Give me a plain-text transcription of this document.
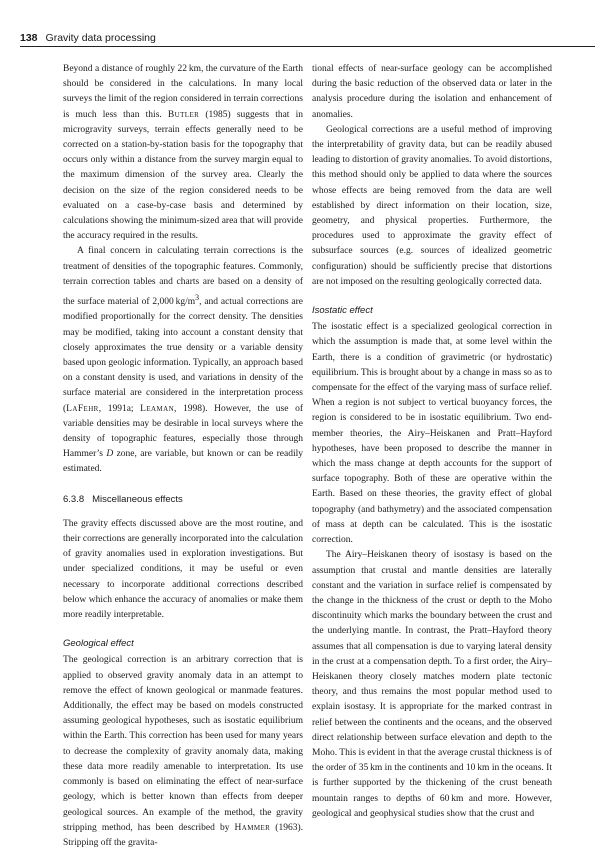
138 Gravity data processing

Beyond a distance of roughly 22 km, the curvature of the Earth should be considered in the calculations. In many local surveys the limit of the region considered in terrain corrections is much less than this. Butler (1985) suggests that in microgravity surveys, terrain effects generally need to be corrected on a station-by-station basis for the topography that occurs only within a distance from the survey margin equal to the maximum dimension of the survey area. Clearly the decision on the size of the region considered needs to be evaluated on a case-by-case basis and determined by calculations showing the minimum-sized area that will provide the accuracy required in the results.

A final concern in calculating terrain corrections is the treatment of densities of the topographic features. Commonly, terrain correction tables and charts are based on a density of the surface material of 2,000 $kg/m^3$, and actual corrections are modified proportionally for the correct density. The densities may be modified, taking into account a constant density that closely approximates the true density or a variable density based upon geologic information. Typically, an approach based on a constant density is used, and variations in density of the surface material are considered in the interpretation process (LaFehr, 1991a; Leaman, 1998). However, the use of variable densities may be desirable in local surveys where the density of topographic features, especially those through Hammer’s D zone, are variable, but known or can be readily estimated.

6.3.8 Miscellaneous effects

The gravity effects discussed above are the most routine, and their corrections are generally incorporated into the calculation of gravity anomalies used in exploration investigations. But under specialized conditions, it may be useful or even necessary to incorporate additional corrections described below which enhance the accuracy of anomalies or make them more readily interpretable.

Geological effect

The geological correction is an arbitrary correction that is applied to observed gravity anomaly data in an attempt to remove the effect of known geological or manmade features. Additionally, the effect may be based on models constructed assuming geological hypotheses, such as isostatic equilibrium within the Earth. This correction has been used for many years to decrease the complexity of gravity anomaly data, making these data more readily amenable to interpretation. Its use commonly is based on eliminating the effect of near-surface geology, which is better known than effects from deeper geological sources. An example of the method, the gravity stripping method, has been described by Hammer (1963). Stripping off the gravita-

tional effects of near-surface geology can be accomplished during the basic reduction of the observed data or later in the analysis procedure during the isolation and enhancement of anomalies.

Geological corrections are a useful method of improving the interpretability of gravity data, but can be readily abused leading to distortion of gravity anomalies. To avoid distortions, this method should only be applied to data where the sources whose effects are being removed from the data are well established by direct information on their location, size, geometry, and physical properties. Furthermore, the procedures used to approximate the gravity effect of subsurface sources (e.g. sources of idealized geometric configuration) should be sufficiently precise that distortions are not imposed on the resulting geologically corrected data.

Isostatic effect

The isostatic effect is a specialized geological correction in which the assumption is made that, at some level within the Earth, there is a condition of gravimetric (or hydrostatic) equilibrium. This is brought about by a change in mass so as to compensate for the effect of the varying mass of surface relief. When a region is not subject to vertical buoyancy forces, the region is considered to be in isostatic equilibrium. Two end-member theories, the Airy–Heiskanen and Pratt–Hayford hypotheses, have been proposed to describe the manner in which the mass change at depth accounts for the support of surface topography. Both of these are operative within the Earth. Based on these theories, the gravity effect of global topography (and bathymetry) and the associated compensation of mass at depth can be calculated. This is the isostatic correction.

The Airy–Heiskanen theory of isostasy is based on the assumption that crustal and mantle densities are laterally constant and the variation in surface relief is compensated by the change in the thickness of the crust or depth to the Moho discontinuity which marks the boundary between the crust and the underlying mantle. In contrast, the Pratt–Hayford theory assumes that all compensation is due to varying lateral density in the crust at a compensation depth. To a first order, the Airy–Heiskanen theory closely matches modern plate tectonic theory, and thus remains the most popular method used to explain isostasy. It is appropriate for the marked contrast in relief between the continents and the oceans, and the observed direct relationship between surface elevation and depth to the Moho. This is evident in that the average crustal thickness is of the order of 35 km in the continents and 10 km in the oceans. It is further supported by the thickening of the crust beneath mountain ranges to depths of 60 km and more. However, geological and geophysical studies show that the crust and
